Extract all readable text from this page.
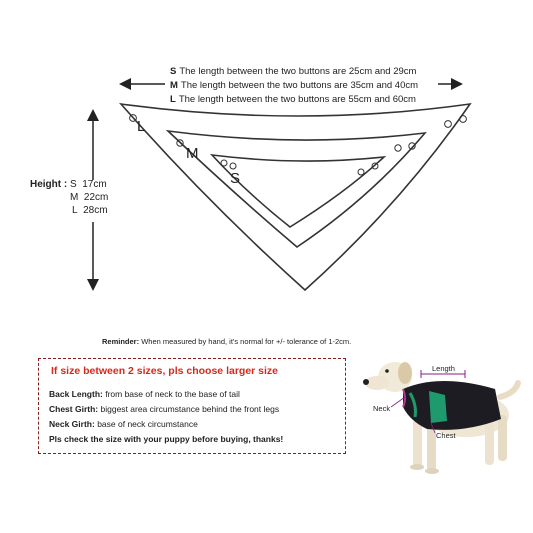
S The length between the two buttons are 25cm and 29cm
M The length between the two buttons are 35cm and 40cm
L The length between the two buttons are 55cm and 60cm
L
M
S
Height : S 17cm
M 22cm
L 28cm
Reminder: When measured by hand, it's normal for +/- tolerance of 1-2cm.
If size between 2 sizes, pls choose larger size
Back Length: from base of neck to the base of tail
Chest Girth: biggest area circumstance behind the front legs
Neck Girth: base of neck circumstance
Pls check the size with your puppy before buying, thanks!
Length
Neck
Chest
